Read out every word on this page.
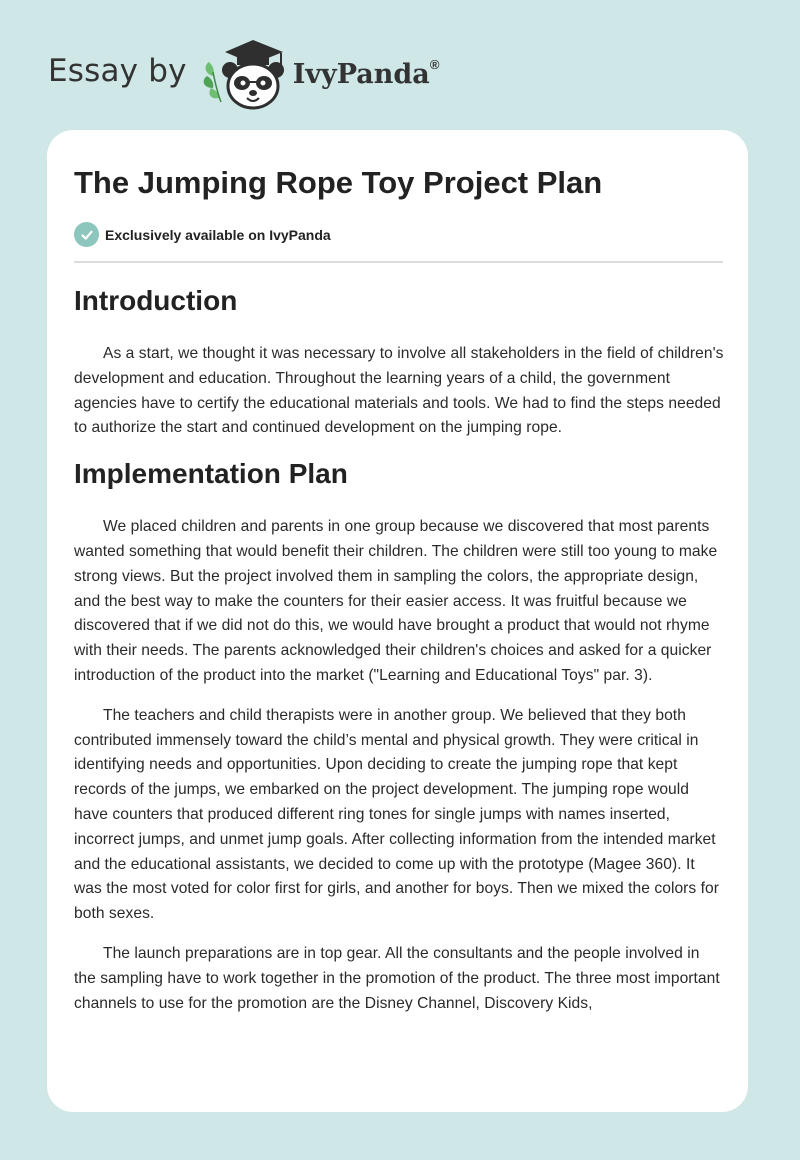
Essay by	IvyPanda®
The Jumping Rope Toy Project Plan
Exclusively available on IvyPanda
Introduction

As a start, we thought it was necessary to involve all stakeholders in the field of children's development and education. Throughout the learning years of a child, the government agencies have to certify the educational materials and tools. We had to find the steps needed to authorize the start and continued development on the jumping rope.

Implementation Plan

We placed children and parents in one group because we discovered that most parents wanted something that would benefit their children. The children were still too young to make strong views. But the project involved them in sampling the colors, the appropriate design, and the best way to make the counters for their easier access. It was fruitful because we discovered that if we did not do this, we would have brought a product that would not rhyme with their needs. The parents acknowledged their children's choices and asked for a quicker introduction of the product into the market ("Learning and Educational Toys" par. 3).

The teachers and child therapists were in another group. We believed that they both contributed immensely toward the child’s mental and physical growth. They were critical in identifying needs and opportunities. Upon deciding to create the jumping rope that kept records of the jumps, we embarked on the project development. The jumping rope would have counters that produced different ring tones for single jumps with names inserted, incorrect jumps, and unmet jump goals. After collecting information from the intended market and the educational assistants, we decided to come up with the prototype (Magee 360). It was the most voted for color first for girls, and another for boys. Then we mixed the colors for both sexes.

The launch preparations are in top gear. All the consultants and the people involved in the sampling have to work together in the promotion of the product. The three most important channels to use for the promotion are the Disney Channel, Discovery Kids,
